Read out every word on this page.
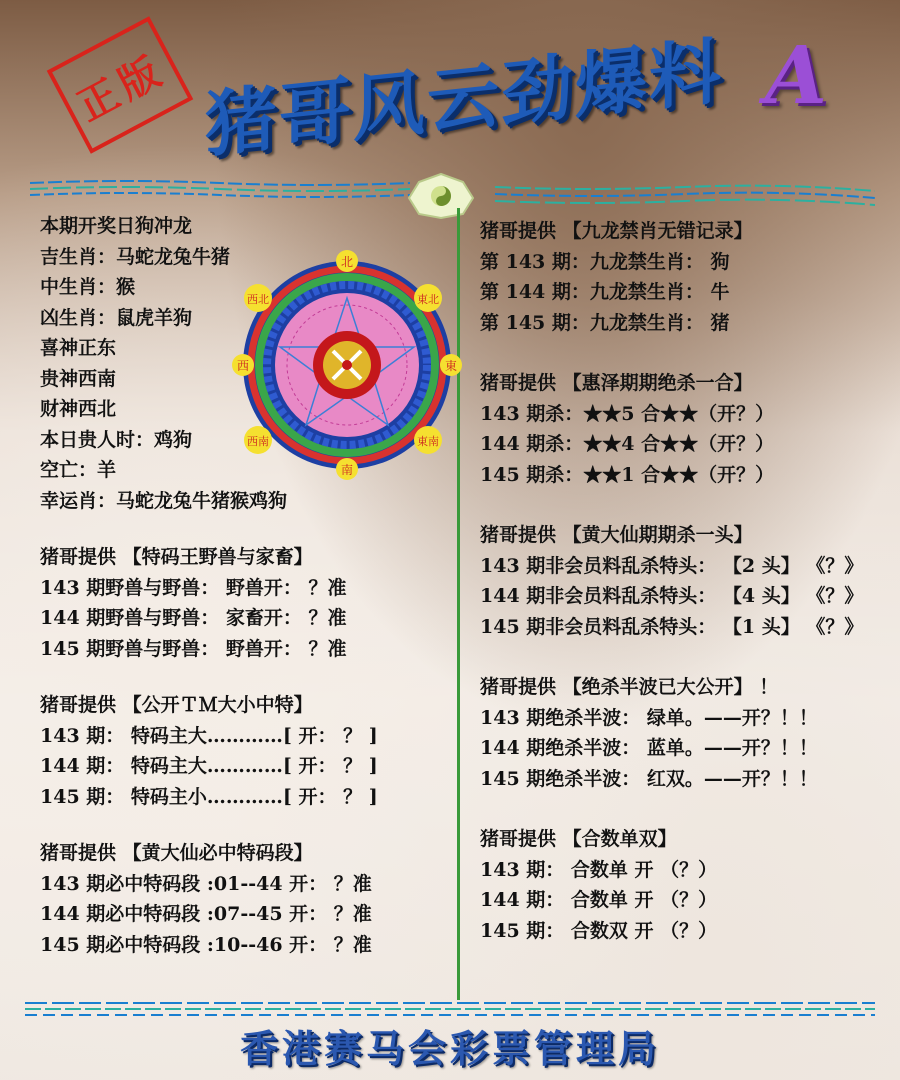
正版 猪哥风云劲爆料 A
本期开奖日狗冲龙
吉生肖：马蛇龙兔牛猪
中生肖：猴
凶生肖：鼠虎羊狗
喜神正东
贵神西南
财神西北
本日贵人时：鸡狗
空亡：羊
幸运肖：马蛇龙兔牛猪猴鸡狗
猪哥提供 【特码王野兽与家畜】
143 期野兽与野兽： 野兽开： ？准
144 期野兽与野兽： 家畜开： ？准
145 期野兽与野兽： 野兽开： ？准
猪哥提供 【公开ＴＭ大小中特】
143 期： 特码主大…………[ 开： ？ ]
144 期： 特码主大…………[ 开： ？ ]
145 期： 特码主小…………[ 开： ？ ]
猪哥提供 【黄大仙必中特码段】
143 期必中特码段 :01--44 开： ？准
144 期必中特码段 :07--45 开： ？准
145 期必中特码段 :10--46 开： ？准
猪哥提供 【九龙禁肖无错记录】
第 143 期：九龙禁生肖： 狗
第 144 期：九龙禁生肖： 牛
第 145 期：九龙禁生肖： 猪
猪哥提供 【惠泽期期绝杀一合】
143 期杀：★★5 合★★（开？）
144 期杀：★★4 合★★（开？）
145 期杀：★★1 合★★（开？）
猪哥提供 【黄大仙期期杀一头】
143 期非会员料乱杀特头： 【2 头】 《？》
144 期非会员料乱杀特头： 【4 头】 《？》
145 期非会员料乱杀特头： 【1 头】 《？》
猪哥提供 【绝杀半波已大公开】 ！
143 期绝杀半波： 绿单。——开？！！
144 期绝杀半波： 蓝单。——开？！！
145 期绝杀半波： 红双。——开？！！
猪哥提供 【合数单双】
143 期： 合数单 开 （？）
144 期： 合数单 开 （？）
145 期： 合数双 开 （？）
北
東北
東
東南
南
西南
西
西北
香港赛马会彩票管理局
